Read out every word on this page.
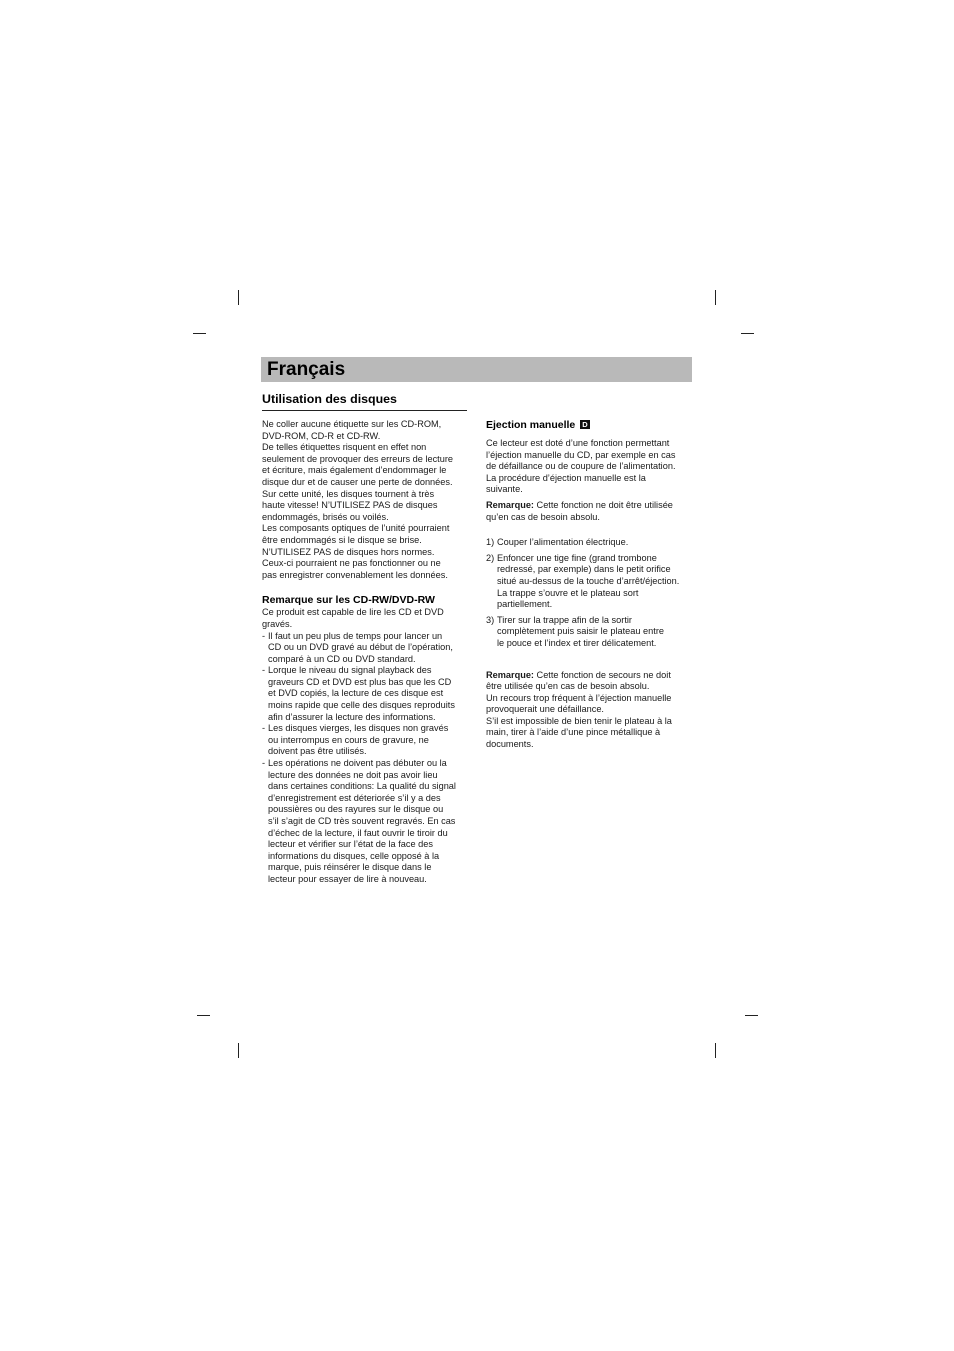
Français
Utilisation des disques

Ne coller aucune étiquette sur les CD-ROM,
DVD-ROM, CD-R et CD-RW.
De telles étiquettes risquent en effet non
seulement de provoquer des erreurs de lecture
et écriture, mais également d’endommager le
disque dur et de causer une perte de données.
Sur cette unité, les disques tournent à très
haute vitesse! N’UTILISEZ PAS de disques
endommagés, brisés ou voilés.
Les composants optiques de l’unité pourraient
être endommagés si le disque se brise.
N’UTILISEZ PAS de disques hors normes.
Ceux-ci pourraient ne pas fonctionner ou ne
pas enregistrer convenablement les données.

Remarque sur les CD-RW/DVD-RW

Ce produit est capable de lire les CD et DVD
gravés.

- Il faut un peu plus de temps pour lancer un
CD ou un DVD gravé au début de l’opération,
comparé à un CD ou DVD standard.
- Lorque le niveau du signal playback des
graveurs CD et DVD est plus bas que les CD
et DVD copiés, la lecture de ces disque est
moins rapide que celle des disques reproduits
afin d’assurer la lecture des informations.
- Les disques vierges, les disques non gravés
ou interrompus en cours de gravure, ne
doivent pas être utilisés.
- Les opérations ne doivent pas débuter ou la
lecture des données ne doit pas avoir lieu
dans certaines conditions: La qualité du signal
d’enregistrement est déteriorée s’il y a des
poussières ou des rayures sur le disque ou
s’il s’agit de CD très souvent regravés. En cas
d’échec de la lecture, il faut ouvrir le tiroir du
lecteur et vérifier sur l’état de la face des
informations du disques, celle opposé à la
marque, puis réinsérer le disque dans le
lecteur pour essayer de lire à nouveau.
Ejection manuelle D

Ce lecteur est doté d’une fonction permettant
l’éjection manuelle du CD, par exemple en cas
de défaillance ou de coupure de l’alimentation.
La procédure d’éjection manuelle est la
suivante.

Remarque: Cette fonction ne doit être utilisée
qu’en cas de besoin absolu.

1) Couper l’alimentation électrique.
2) Enfoncer une tige fine (grand trombone
redressé, par exemple) dans le petit orifice
situé au-dessus de la touche d’arrêt/éjection.
La trappe s’ouvre et le plateau sort
partiellement.
3) Tirer sur la trappe afin de la sortir
complètement puis saisir le plateau entre
le pouce et l’index et tirer délicatement.

Remarque: Cette fonction de secours ne doit
être utilisée qu’en cas de besoin absolu.
Un recours trop fréquent à l’éjection manuelle
provoquerait une défaillance.
S’il est impossible de bien tenir le plateau à la
main, tirer à l’aide d’une pince métallique à
documents.
